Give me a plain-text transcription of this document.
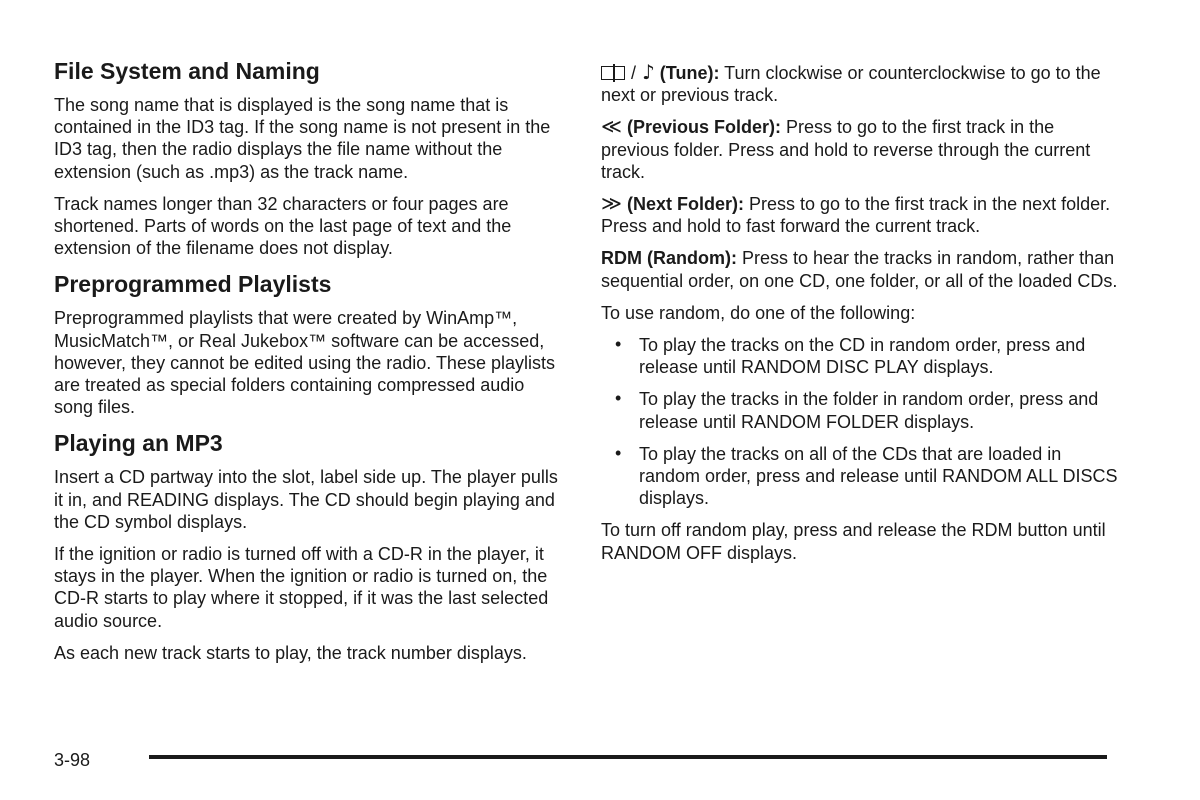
File System and Naming

The song name that is displayed is the song name that is contained in the ID3 tag. If the song name is not present in the ID3 tag, then the radio displays the file name without the extension (such as .mp3) as the track name.

Track names longer than 32 characters or four pages are shortened. Parts of words on the last page of text and the extension of the filename does not display.

Preprogrammed Playlists

Preprogrammed playlists that were created by WinAmp™, MusicMatch™, or Real Jukebox™ software can be accessed, however, they cannot be edited using the radio. These playlists are treated as special folders containing compressed audio song files.

Playing an MP3

Insert a CD partway into the slot, label side up. The player pulls it in, and READING displays. The CD should begin playing and the CD symbol displays.

If the ignition or radio is turned off with a CD-R in the player, it stays in the player. When the ignition or radio is turned on, the CD-R starts to play where it stopped, if it was the last selected audio source.

As each new track starts to play, the track number displays.

/ ♪ (Tune): Turn clockwise or counterclockwise to go to the next or previous track.

≪ (Previous Folder): Press to go to the first track in the previous folder. Press and hold to reverse through the current track.

≫ (Next Folder): Press to go to the first track in the next folder. Press and hold to fast forward the current track.

RDM (Random): Press to hear the tracks in random, rather than sequential order, on one CD, one folder, or all of the loaded CDs.

To use random, do one of the following:

• To play the tracks on the CD in random order, press and release until RANDOM DISC PLAY displays.
• To play the tracks in the folder in random order, press and release until RANDOM FOLDER displays.
• To play the tracks on all of the CDs that are loaded in random order, press and release until RANDOM ALL DISCS displays.

To turn off random play, press and release the RDM button until RANDOM OFF displays.

3-98
